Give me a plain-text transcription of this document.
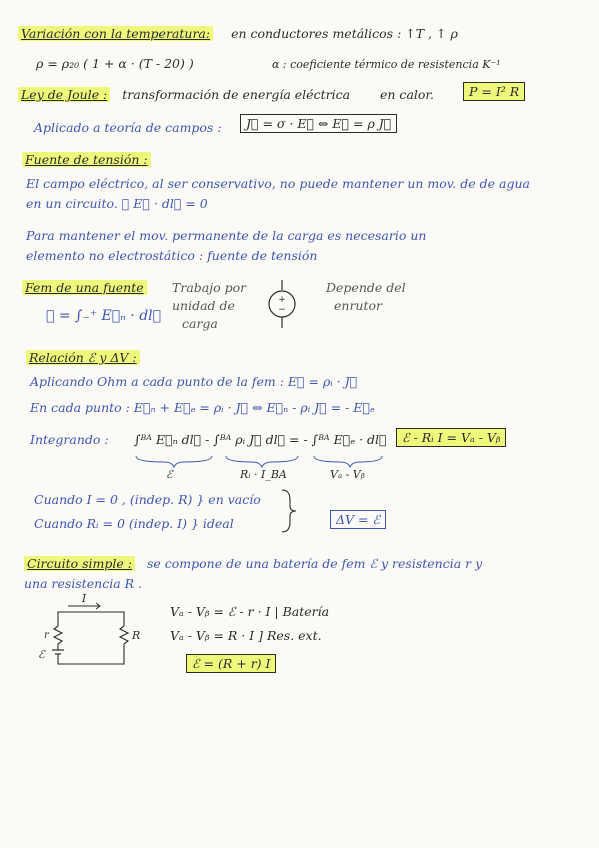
Variación con la temperatura: en conductores metálicos : ↑T , ↑ ρ
ρ = ρ₂₀ ( 1 + α · (T - 20) )	α : coeficiente térmico de resistencia K⁻¹
Ley de Joule : transformación de energía eléctrica en calor.	P = I² R
Aplicado a teoría de campos :	J⃗ = σ · E⃗ ⇔ E⃗ = ρ J⃗
Fuente de tensión :
El campo eléctrico, al ser conservativo, no puede mantener un mov. de de agua
en un circuito. ∮ E⃗ · dl⃗ = 0
Para mantener el mov. permanente de la carga es necesario un
elemento no electrostático : fuente de tensión
Fem de una fuente
ℰ = ∫₋⁺ E⃗ₙ · dl⃗
Trabajo por
unidad de
carga
+
−
Depende del
enrutor
Relación ℰ y ΔV :
Aplicando Ohm a cada punto de la fem : E⃗ = ρᵢ · J⃗
En cada punto : E⃗ₙ + E⃗ₑ = ρᵢ · J⃗ ⇔ E⃗ₙ - ρᵢ J⃗ = - E⃗ₑ
Integrando : ∫ᴮᴬ E⃗ₙ dl⃗ - ∫ᴮᴬ ρᵢ J⃗ dl⃗ = - ∫ᴮᴬ E⃗ₑ · dl⃗	ℰ - Rᵢ I = Vₐ - Vᵦ
ℰ	Rᵢ · I_BA	Vₐ - Vᵦ
Cuando I = 0 , (indep. R) } en vacío
Cuando Rᵢ = 0 (indep. I) } ideal	ΔV = ℰ
Circuito simple : se compone de una batería de fem ℰ y resistencia r y
una resistencia R .
I
r	R
ℰ
Vₐ - Vᵦ = ℰ - r · I | Batería
Vₐ - Vᵦ = R · I ] Res. ext.
ℰ = (R + r) I
